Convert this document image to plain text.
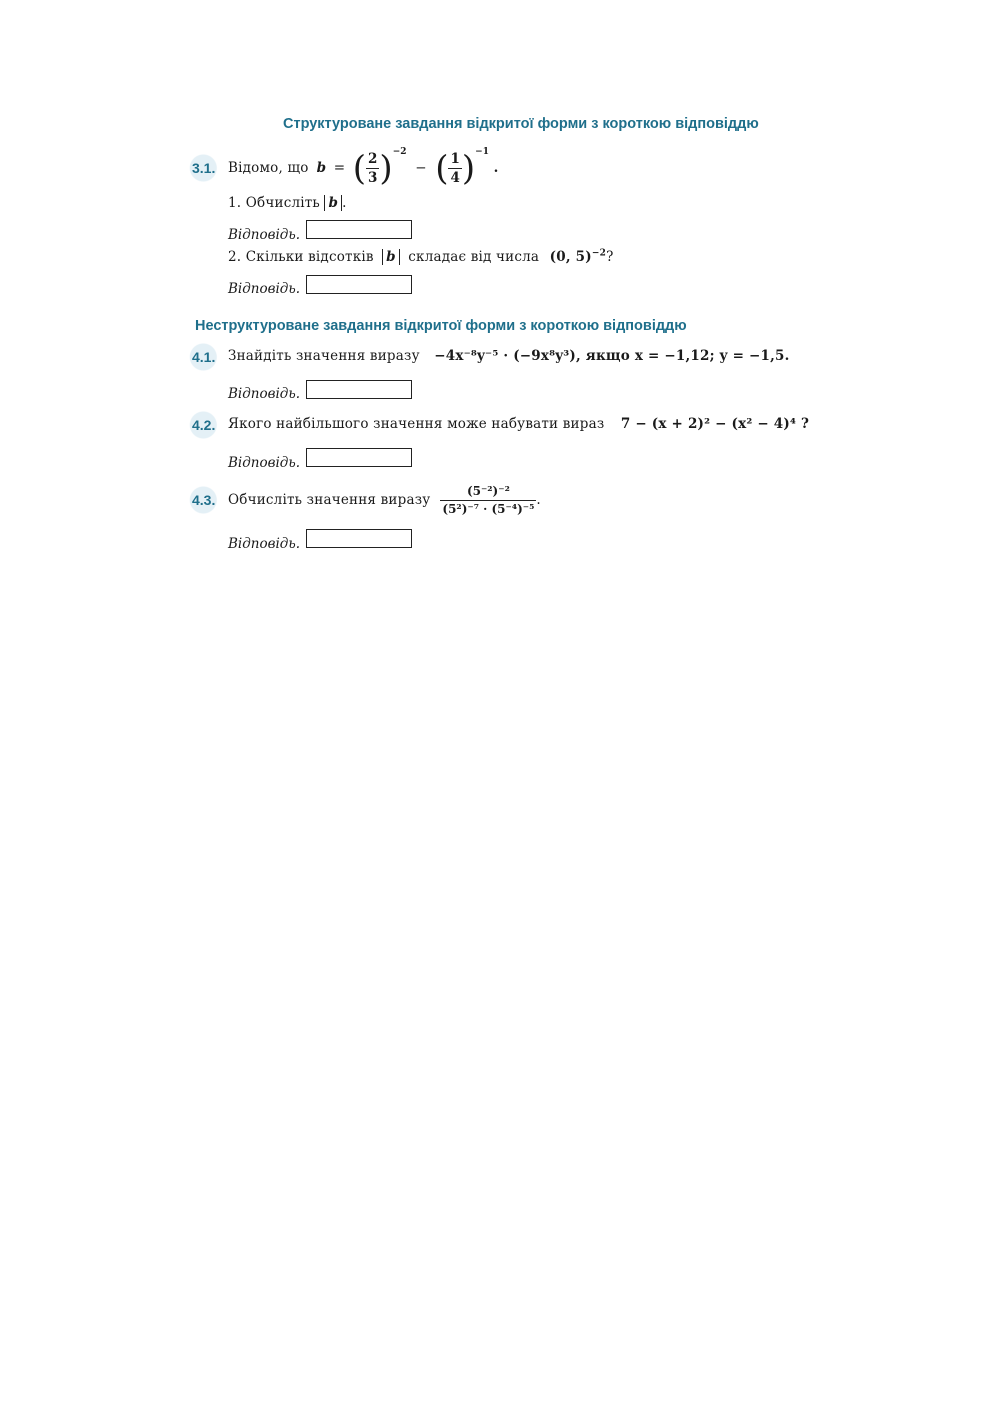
Структуроване завдання відкритої форми з короткою відповіддю
3.1. Відомо, що b = ( $\frac{2}{3} )^{-2}$ − ( $\frac{1}{4} )^{-1}$ .
1. Обчисліть b .
Відповідь.
2. Скільки відсотків b складає від числа (0, 5)$^{-2}$?
Відповідь.
Неструктуроване завдання відкритої форми з короткою відповіддю
4.1. Знайдіть значення виразу −4x⁻⁸y⁻⁵ · (−9x⁸y³), якщо x = −1,12; y = −1,5.
Відповідь.
4.2. Якого найбільшого значення може набувати вираз 7 − (x + 2)² − (x² − 4)⁴ ?
Відповідь.
4.3. Обчисліть значення виразу $\frac{\text{(5⁻²)⁻²}}{\text{(5²)⁻⁷ · (5⁻⁴)⁻⁵}}$ .
Відповідь.
